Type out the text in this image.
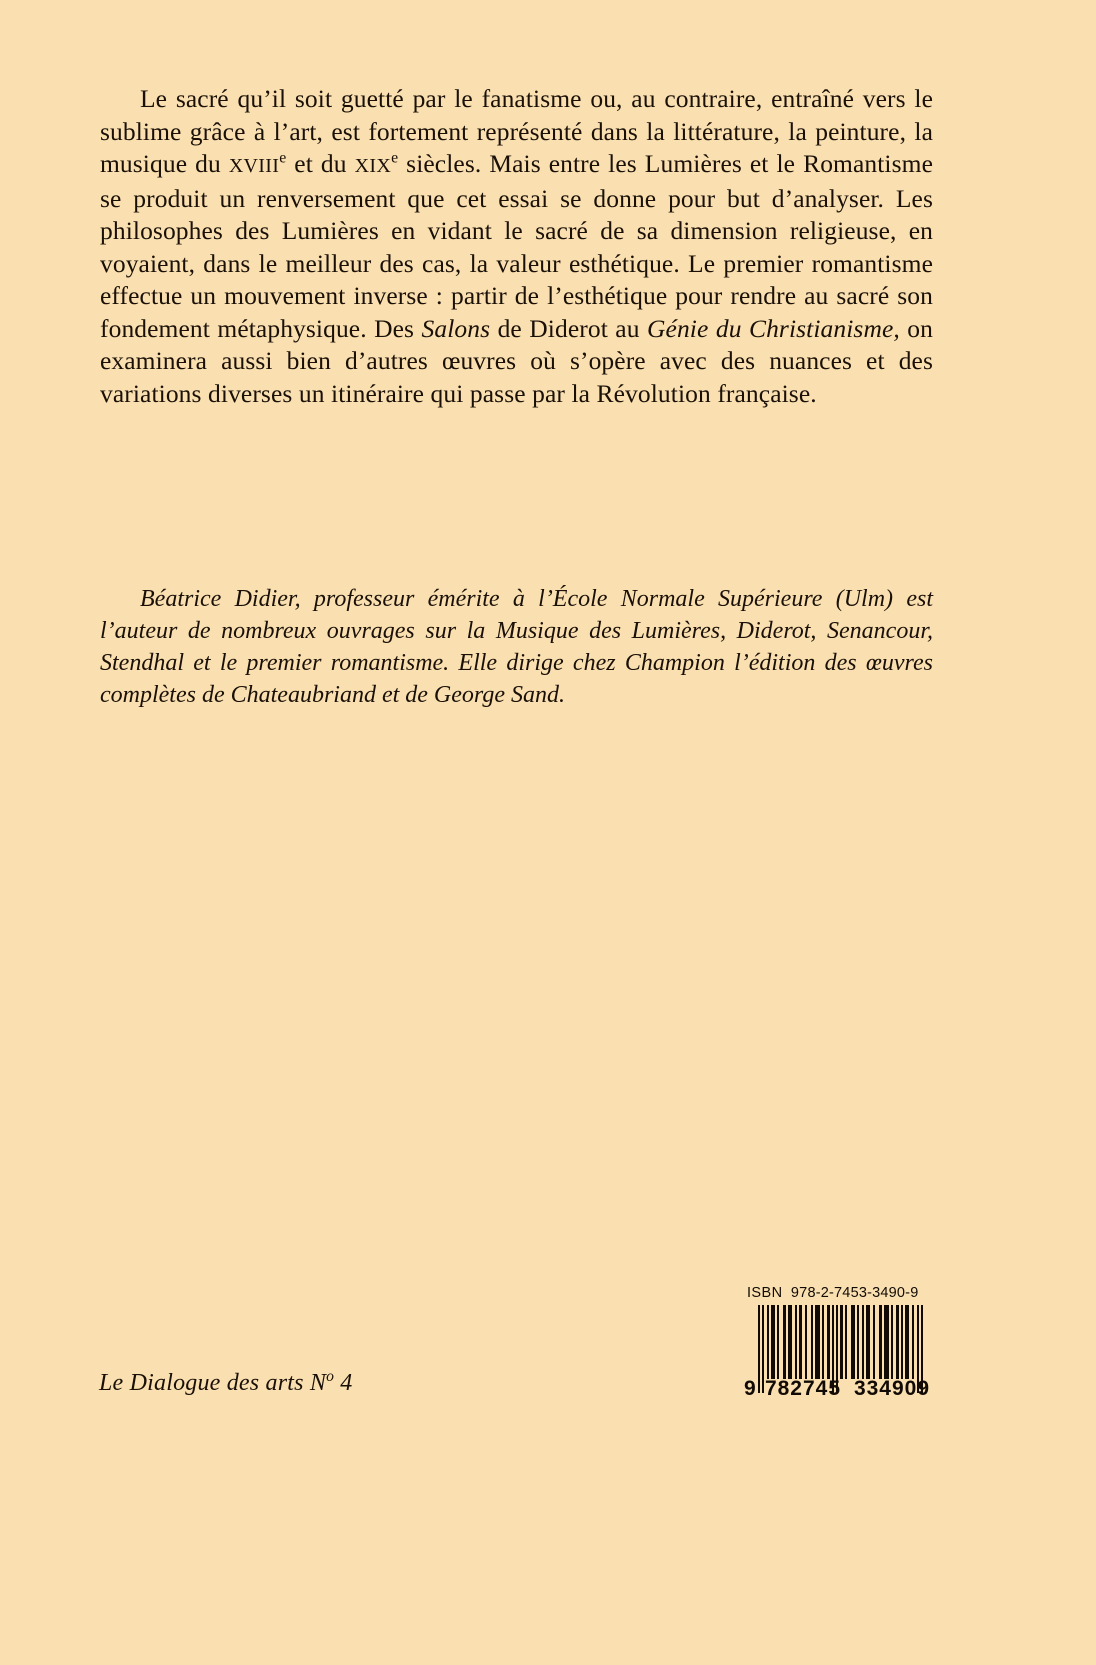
Le sacré qu’il soit guetté par le fanatisme ou, au contraire, entraîné vers le sublime grâce à l’art, est fortement représenté dans la littérature, la peinture, la musique du XVIIIe et du XIXe siècles. Mais entre les Lumières et le Romantisme se produit un renversement que cet essai se donne pour but d’analyser. Les philosophes des Lumières en vidant le sacré de sa dimension religieuse, en voyaient, dans le meilleur des cas, la valeur esthétique. Le premier romantisme effectue un mouvement inverse : partir de l’esthétique pour rendre au sacré son fondement métaphysique. Des Salons de Diderot au Génie du Christianisme, on examinera aussi bien d’autres œuvres où s’opère avec des nuances et des variations diverses un itinéraire qui passe par la Révolution française.

Béatrice Didier, professeur émérite à l’École Normale Supérieure (Ulm) est l’auteur de nombreux ouvrages sur la Musique des Lumières, Diderot, Senancour, Stendhal et le premier romantisme. Elle dirige chez Champion l’édition des œuvres complètes de Chateaubriand et de George Sand.

Le Dialogue des arts $N^o$ 4
ISBN 978-2-7453-3490-9
9 782745 334909
